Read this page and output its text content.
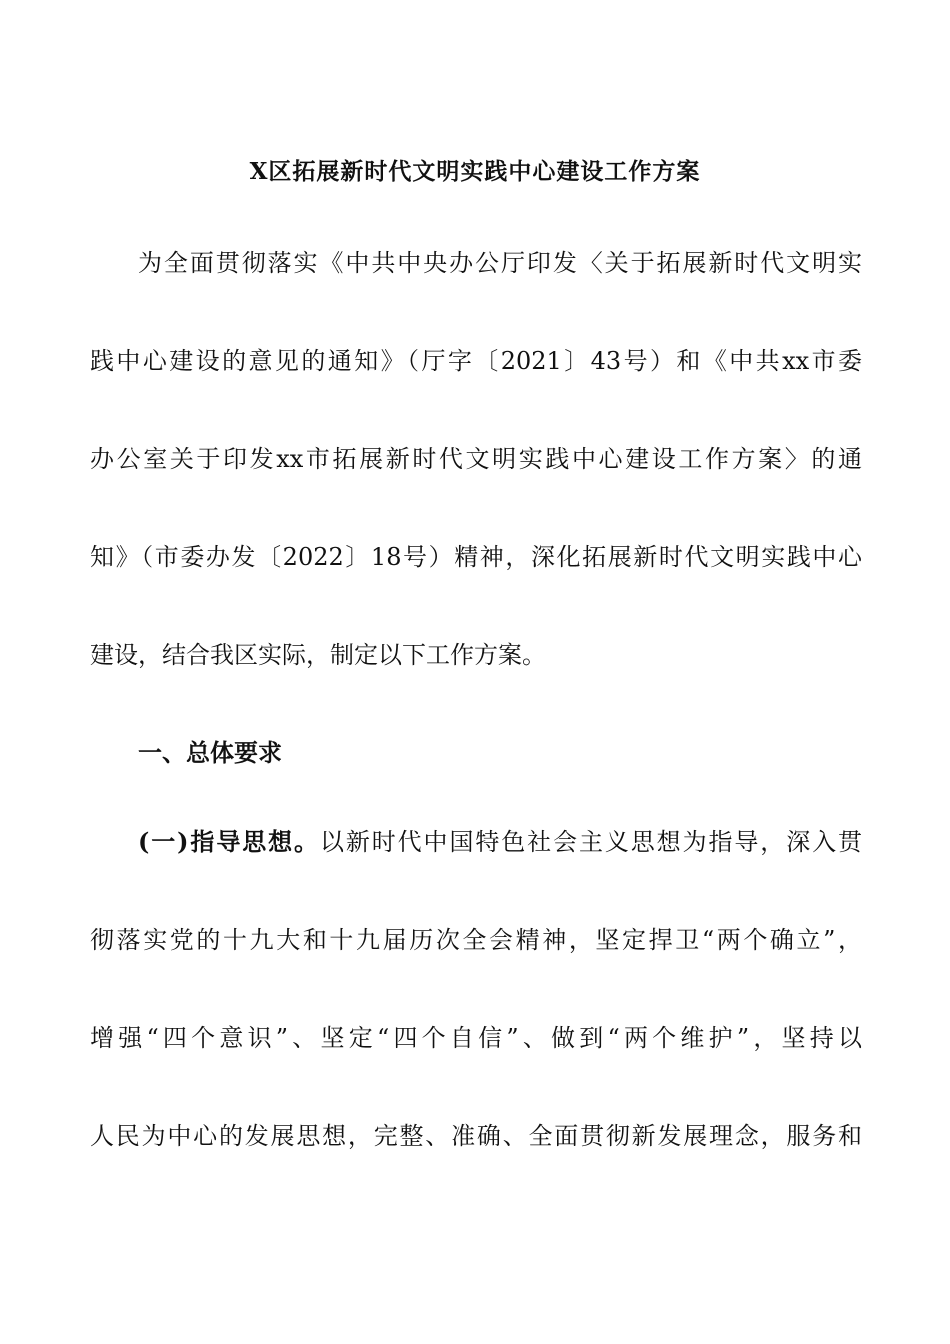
X区拓展新时代文明实践中心建设工作方案
为全面贯彻落实《中共中央办公厅印发〈关于拓展新时代文明实
践中心建设的意见的通知》（厅字〔2021〕43号）和《中共xx市委
办公室关于印发xx市拓展新时代文明实践中心建设工作方案〉的通
知》（市委办发〔2022〕18号）精神，深化拓展新时代文明实践中心
建设，结合我区实际，制定以下工作方案。
一、总体要求
(一)指导思想。以新时代中国特色社会主义思想为指导，深入贯
彻落实党的十九大和十九届历次全会精神，坚定捍卫“两个确立”，
增强“四个意识”、坚定“四个自信”、做到“两个维护”，坚持以
人民为中心的发展思想，完整、准确、全面贯彻新发展理念，服务和
